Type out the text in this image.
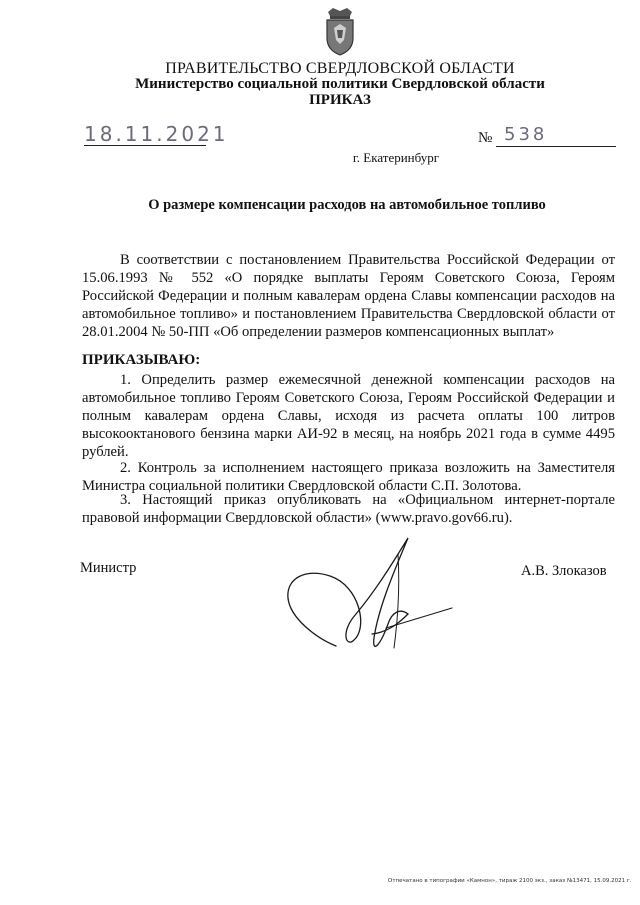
ПРАВИТЕЛЬСТВО СВЕРДЛОВСКОЙ ОБЛАСТИ
Министерство социальной политики Свердловской области
ПРИКАЗ
18.11.2021	№ 538
г. Екатеринбург
О размере компенсации расходов на автомобильное топливо

В соответствии с постановлением Правительства Российской Федерации от 15.06.1993 № 552 «О порядке выплаты Героям Советского Союза, Героям Российской Федерации и полным кавалерам ордена Славы компенсации расходов на автомобильное топливо» и постановлением Правительства Свердловской области от 28.01.2004 № 50-ПП «Об определении размеров компенсационных выплат»

ПРИКАЗЫВАЮ:

1. Определить размер ежемесячной денежной компенсации расходов на автомобильное топливо Героям Советского Союза, Героям Российской Федерации и полным кавалерам ордена Славы, исходя из расчета оплаты 100 литров высокооктанового бензина марки АИ-92 в месяц, на ноябрь 2021 года в сумме 4495 рублей.

2. Контроль за исполнением настоящего приказа возложить на Заместителя Министра социальной политики Свердловской области С.П. Золотова.

3. Настоящий приказ опубликовать на «Официальном интернет-портале правовой информации Свердловской области» (www.pravo.gov66.ru).

Министр	А.В. Злоказов
Отпечатано в типографии «Камнон», тираж 2100 экз., заказ №13471, 15.09.2021 г.
